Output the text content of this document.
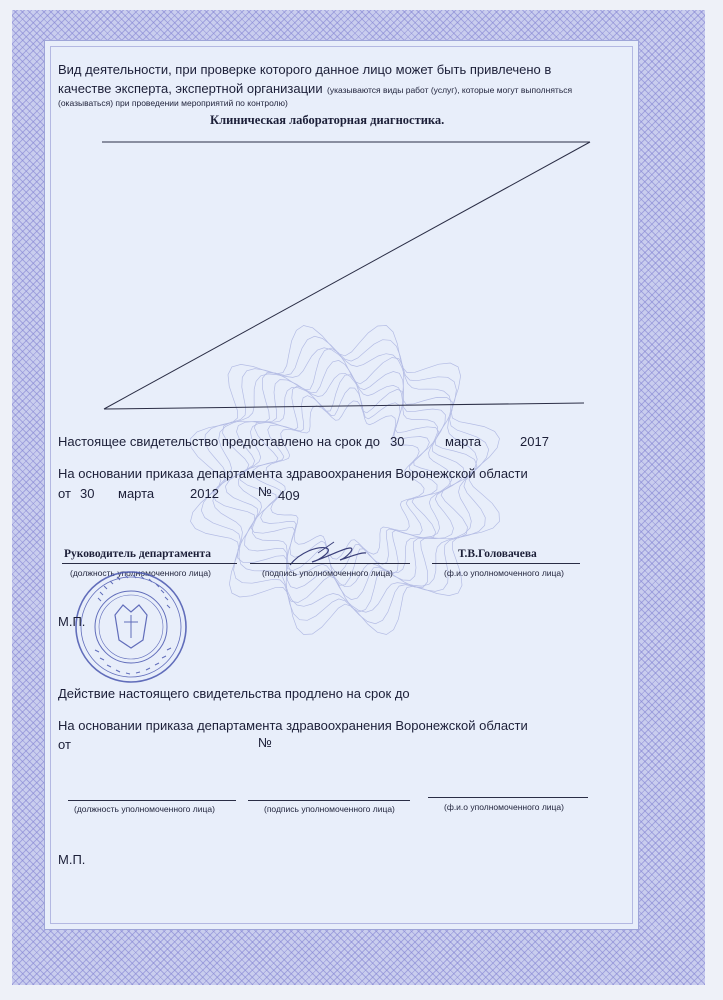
Вид деятельности, при проверке которого данное лицо может быть привлечено в
качестве эксперта, экспертной организации (указываются виды работ (услуг), которые могут выполняться
(оказываться) при проведении мероприятий по контролю)
Клиническая лабораторная диагностика.
Настоящее свидетельство предоставлено на срок до 30	марта	2017
На основании приказа департамента здравоохранения Воронежской области
от 30 марта	2012	№ 409
Руководитель департамента
(должность уполномоченного лица)	(подпись уполномоченного лица)
Т.В.Головачева
(ф.и.о уполномоченного лица)
М.П.
Действие настоящего свидетельства продлено на срок до
На основании приказа департамента здравоохранения Воронежской области
от	№
(должность уполномоченного лица)	(подпись уполномоченного лица)	(ф.и.о уполномоченного лица)
М.П.
